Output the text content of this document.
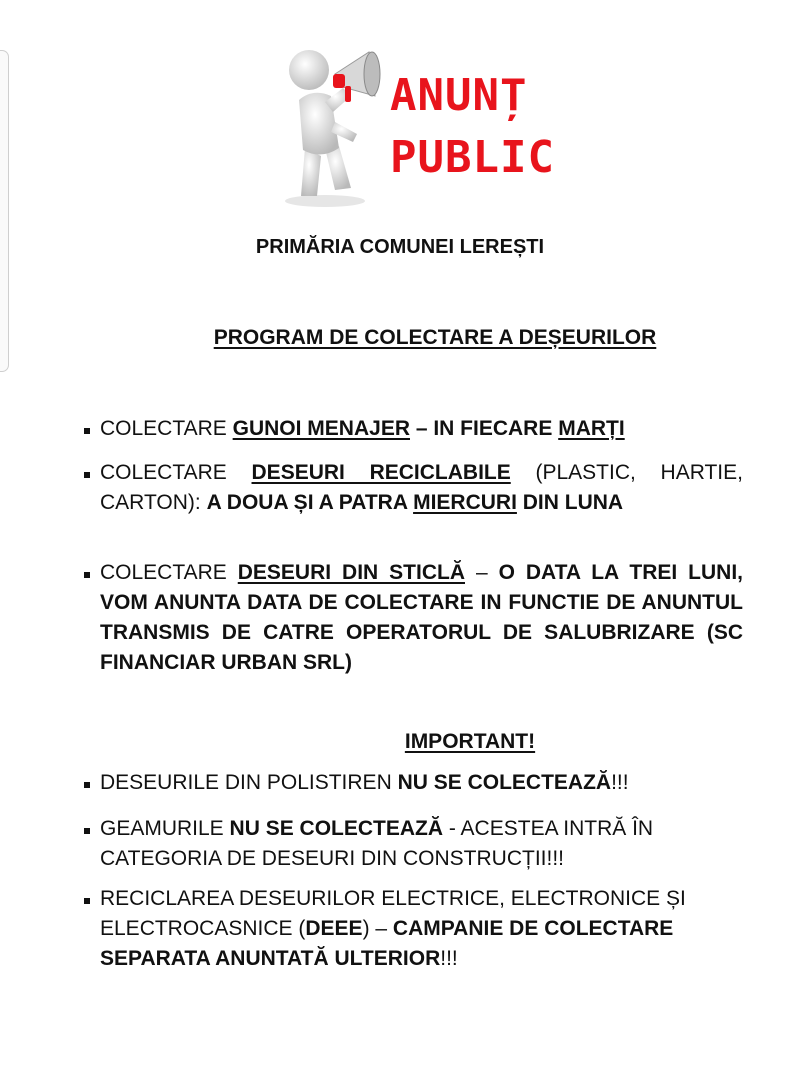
ANUNȚ
PUBLIC
PRIMĂRIA COMUNEI LEREȘTI
PROGRAM DE COLECTARE A DEȘEURILOR
COLECTARE GUNOI MENAJER – IN FIECARE MARȚI
COLECTARE DESEURI RECICLABILE (PLASTIC, HARTIE, CARTON): A DOUA ȘI A PATRA MIERCURI DIN LUNA
COLECTARE DESEURI DIN STICLĂ – O DATA LA TREI LUNI, VOM ANUNTA DATA DE COLECTARE IN FUNCTIE DE ANUNTUL TRANSMIS DE CATRE OPERATORUL DE SALUBRIZARE (SC FINANCIAR URBAN SRL)
IMPORTANT!
DESEURILE DIN POLISTIREN NU SE COLECTEAZĂ!!!
GEAMURILE NU SE COLECTEAZĂ - ACESTEA INTRĂ ÎN CATEGORIA DE DESEURI DIN CONSTRUCȚII!!!
RECICLAREA DESEURILOR ELECTRICE, ELECTRONICE ȘI ELECTROCASNICE (DEEE) – CAMPANIE DE COLECTARE SEPARATA ANUNTATĂ ULTERIOR!!!
